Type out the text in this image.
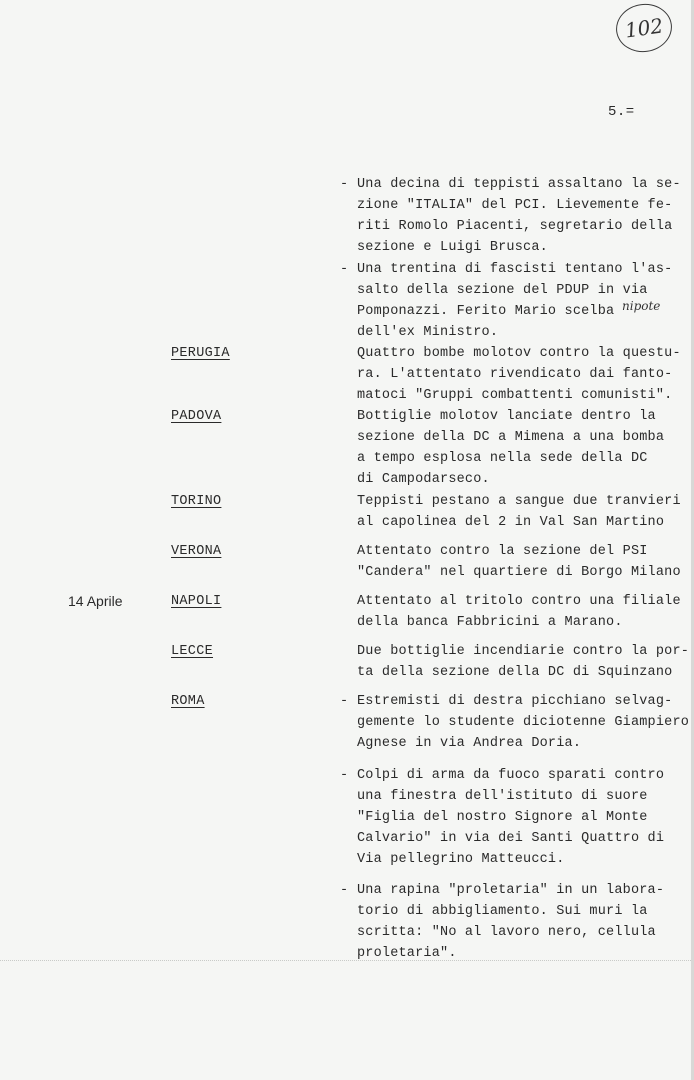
102
5.=
- Una decina di teppisti assaltano la se-
zione "ITALIA" del PCI. Lievemente fe-
riti Romolo Piacenti, segretario della
sezione e Luigi Brusca.
- Una trentina di fascisti tentano l'as-
salto della sezione del PDUP in via
Pomponazzi. Ferito Mario scelba nipote
dell'ex Ministro.
PERUGIA	Quattro bombe molotov contro la questu-
ra. L'attentato rivendicato dai fanto-
matoci "Gruppi combattenti comunisti".
PADOVA	Bottiglie molotov lanciate dentro la
sezione della DC a Mimena a una bomba
a tempo esplosa nella sede della DC
di Campodarseco.
TORINO	Teppisti pestano a sangue due tranvieri
al capolinea del 2 in Val San Martino
VERONA	Attentato contro la sezione del PSI
"Candera" nel quartiere di Borgo Milano
14 Aprile	NAPOLI	Attentato al tritolo contro una filiale
della banca Fabbricini a Marano.
LECCE	Due bottiglie incendiarie contro la por-
ta della sezione della DC di Squinzano
ROMA	- Estremisti di destra picchiano selvag-
gemente lo studente diciotenne Giampiero
Agnese in via Andrea Doria.
- Colpi di arma da fuoco sparati contro
una finestra dell'istituto di suore
"Figlia del nostro Signore al Monte
Calvario" in via dei Santi Quattro di
Via pellegrino Matteucci.
- Una rapina "proletaria" in un labora-
torio di abbigliamento. Sui muri la
scritta: "No al lavoro nero, cellula
proletaria".
